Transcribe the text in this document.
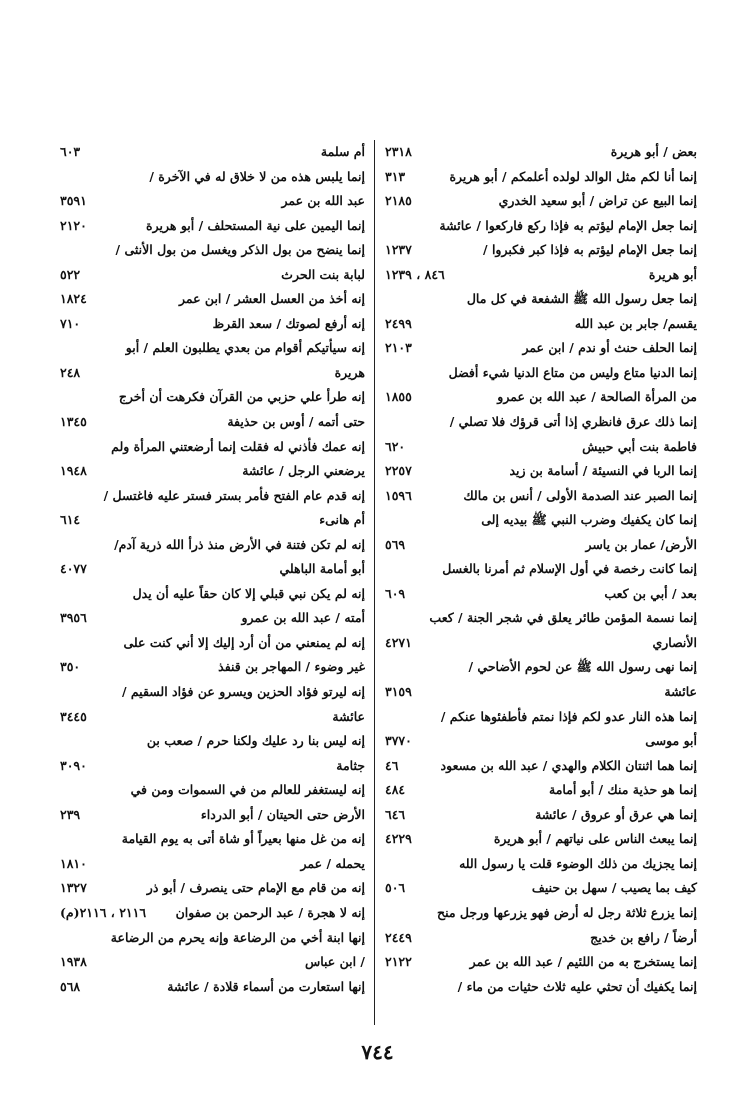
بعض / أبو هريرة
٢٣١٨
إنما أنا لكم مثل الوالد لولده أعلمكم / أبو هريرة
٣١٣
إنما البيع عن تراض / أبو سعيد الخدري
٢١٨٥
إنما جعل الإمام ليؤتم به فإذا ركع فاركعوا / عائشة
إنما جعل الإمام ليؤتم به فإذا كبر فكبروا /
١٢٣٧
أبو هريرة
٨٤٦ ، ١٢٣٩
إنما جعل رسول الله ﷺ الشفعة في كل مال
يقسم/ جابر بن عبد الله
٢٤٩٩
إنما الحلف حنث أو ندم / ابن عمر
٢١٠٣
إنما الدنيا متاع وليس من متاع الدنيا شيء أفضل
من المرأة الصالحة / عبد الله بن عمرو
١٨٥٥
إنما ذلك عرق فانظري إذا أتى قرؤك فلا تصلي /
فاطمة بنت أبي حبيش
٦٢٠
إنما الربا في النسيئة / أسامة بن زيد
٢٢٥٧
إنما الصبر عند الصدمة الأولى / أنس بن مالك
١٥٩٦
إنما كان يكفيك وضرب النبي ﷺ بيديه إلى
الأرض/ عمار بن ياسر
٥٦٩
إنما كانت رخصة في أول الإسلام ثم أمرنا بالغسل
بعد / أبي بن كعب
٦٠٩
إنما نسمة المؤمن طائر يعلق في شجر الجنة / كعب
الأنصاري
٤٢٧١
إنما نهى رسول الله ﷺ عن لحوم الأضاحي /
عائشة
٣١٥٩
إنما هذه النار عدو لكم فإذا نمتم فأطفئوها عنكم /
أبو موسى
٣٧٧٠
إنما هما اثنتان الكلام والهدي / عبد الله بن مسعود
٤٦
إنما هو حذية منك / أبو أمامة
٤٨٤
إنما هي عرق أو عروق / عائشة
٦٤٦
إنما يبعث الناس على نياتهم / أبو هريرة
٤٢٢٩
إنما يجزيك من ذلك الوضوء قلت يا رسول الله
كيف بما يصيب / سهل بن حنيف
٥٠٦
إنما يزرع ثلاثة رجل له أرض فهو يزرعها ورجل منح
أرضاً / رافع بن خديج
٢٤٤٩
إنما يستخرج به من اللئيم / عبد الله بن عمر
٢١٢٢
إنما يكفيك أن تحثي عليه ثلاث حثيات من ماء /
أم سلمة
٦٠٣
إنما يلبس هذه من لا خلاق له في الآخرة /
عبد الله بن عمر
٣٥٩١
إنما اليمين على نية المستحلف / أبو هريرة
٢١٢٠
إنما ينضح من بول الذكر ويغسل من بول الأنثى /
لبابة بنت الحرث
٥٢٢
إنه أخذ من العسل العشر / ابن عمر
١٨٢٤
إنه أرفع لصوتك / سعد القرظ
٧١٠
إنه سيأتيكم أقوام من بعدي يطلبون العلم / أبو
هريرة
٢٤٨
إنه طرأ علي حزبي من القرآن فكرهت أن أخرج
حتى أتمه / أوس بن حذيفة
١٣٤٥
إنه عمك فأذني له فقلت إنما أرضعتني المرأة ولم
يرضعني الرجل / عائشة
١٩٤٨
إنه قدم عام الفتح فأمر بستر فستر عليه فاغتسل /
أم هانىء
٦١٤
إنه لم تكن فتنة في الأرض منذ ذرأ الله ذرية آدم/
أبو أمامة الباهلي
٤٠٧٧
إنه لم يكن نبي قبلي إلا كان حقاً عليه أن يدل
أمته / عبد الله بن عمرو
٣٩٥٦
إنه لم يمنعني من أن أرد إليك إلا أني كنت على
غير وضوء / المهاجر بن قنفذ
٣٥٠
إنه ليرتو فؤاد الحزين ويسرو عن فؤاد السقيم /
عائشة
٣٤٤٥
إنه ليس بنا رد عليك ولكنا حرم / صعب بن
جثامة
٣٠٩٠
إنه ليستغفر للعالم من في السموات ومن في
الأرض حتى الحيتان / أبو الدرداء
٢٣٩
إنه من غل منها بعيراً أو شاة أتى به يوم القيامة
يحمله / عمر
١٨١٠
إنه من قام مع الإمام حتى ينصرف / أبو ذر
١٣٢٧
إنه لا هجرة / عبد الرحمن بن صفوان
٢١١٦ ، ٢١١٦(م)
إنها ابنة أخي من الرضاعة وإنه يحرم من الرضاعة
/ ابن عباس
١٩٣٨
إنها استعارت من أسماء قلادة / عائشة
٥٦٨
٧٤٤
